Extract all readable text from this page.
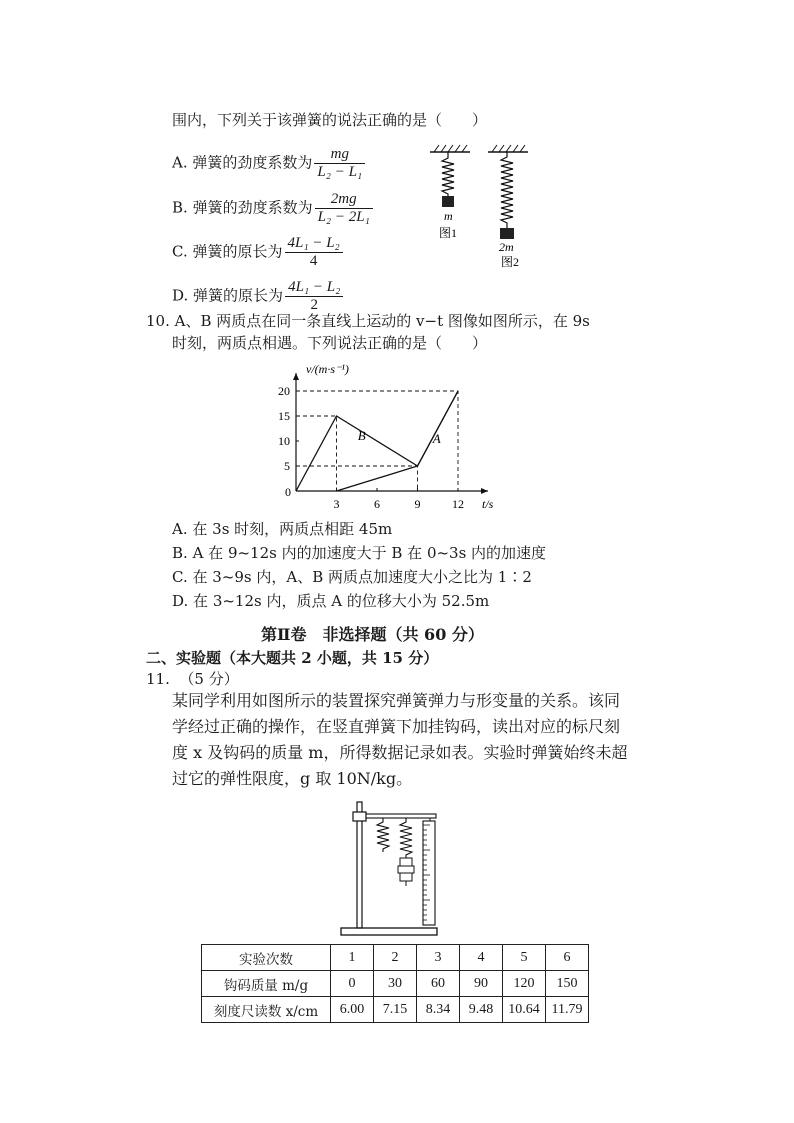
围内，下列关于该弹簧的说法正确的是（　　）
A. 弹簧的劲度系数为 $\frac{mg}{\text{L₂ − L₁}}$
B. 弹簧的劲度系数为 $\frac{2mg}{\text{L₂ − 2L₁}}$
C. 弹簧的原长为 $\frac{\text{4L₁ − L₂}}{4}$
D. 弹簧的原长为 $\frac{\text{4L₁ − L₂}}{2}$
m
图1
2m
图2
10. A、B 两质点在同一条直线上运动的 v−t 图像如图所示，在 9s
时刻，两质点相遇。下列说法正确的是（　　）
v/(m·s⁻¹)
t/s
0
3	6	9	12
5
10
15
20
B	A
A. 在 3s 时刻，两质点相距 45m
B. A 在 9~12s 内的加速度大于 B 在 0~3s 内的加速度
C. 在 3~9s 内，A、B 两质点加速度大小之比为 1∶2
D. 在 3~12s 内，质点 A 的位移大小为 52.5m
第Ⅱ卷　非选择题（共 60 分）
二、实验题（本大题共 2 小题，共 15 分）
11. （5 分）
某同学利用如图所示的装置探究弹簧弹力与形变量的关系。该同
学经过正确的操作，在竖直弹簧下加挂钩码，读出对应的标尺刻
度 x 及钩码的质量 m，所得数据记录如表。实验时弹簧始终未超
过它的弹性限度，g 取 10N/kg。
实验次数	1	2	3	4	5	6
钩码质量 m/g	0	30	60	90	120	150
刻度尺读数 x/cm	6.00	7.15	8.34	9.48	10.64	11.79
